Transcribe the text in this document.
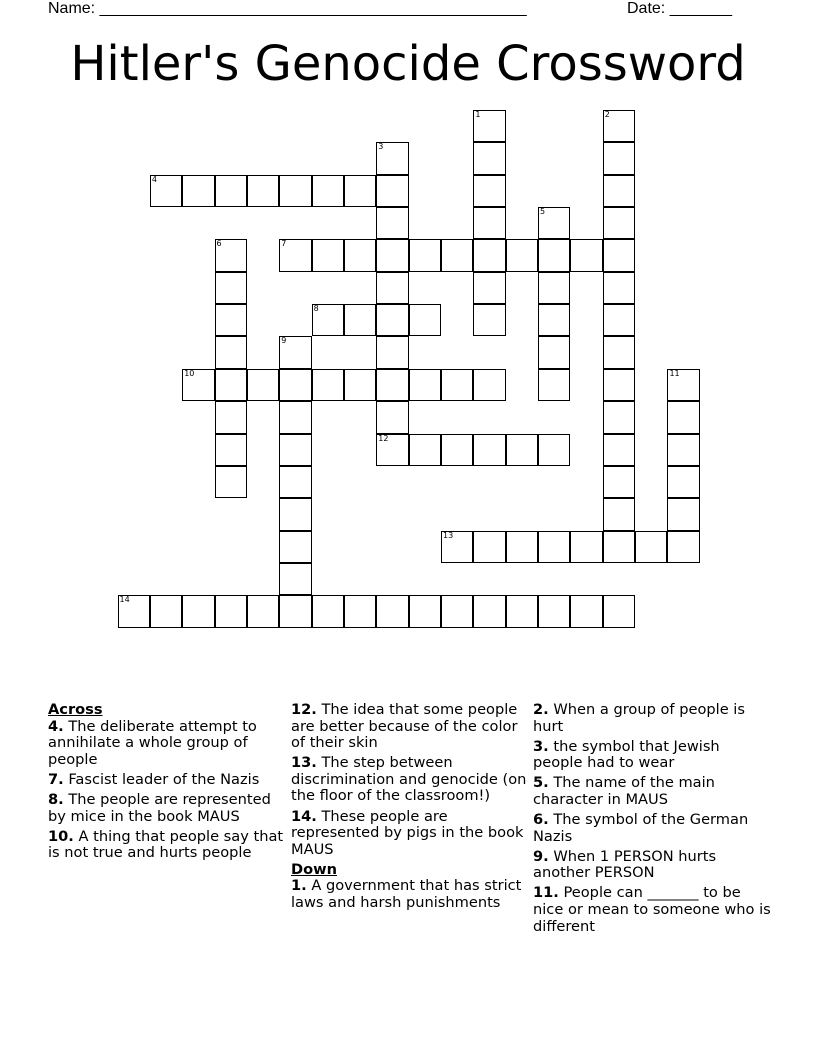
Name: ________________________________________________	Date: _______
Hitler's Genocide Crossword
1	2
3
12
4
5
6	7
8
9
10	11
13
14

Across

4. The deliberate attempt to annihilate a whole group of people

7. Fascist leader of the Nazis

8. The people are represented by mice in the book MAUS

10. A thing that people say that is not true and hurts people

12. The idea that some people are better because of the color of their skin

13. The step between discrimination and genocide (on the floor of the classroom!)

14. These people are represented by pigs in the book MAUS

Down

1. A government that has strict laws and harsh punishments

2. When a group of people is hurt

3. the symbol that Jewish people had to wear

5. The name of the main character in MAUS

6. The symbol of the German Nazis

9. When 1 PERSON hurts another PERSON

11. People can _______ to be nice or mean to someone who is different
